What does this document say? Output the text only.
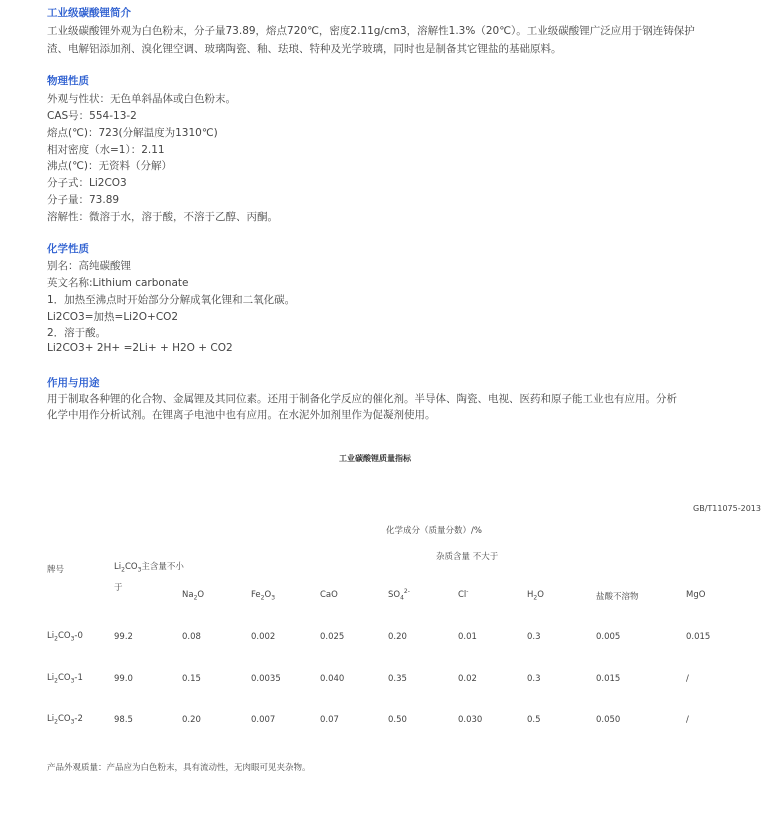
工业级碳酸锂简介
工业级碳酸锂外观为白色粉末，分子量73.89，熔点720℃，密度2.11g/cm3，溶解性1.3%（20℃）。工业级碳酸锂广泛应用于钢连铸保护
渣、电解铝添加剂、溴化锂空调、玻璃陶瓷、釉、珐琅、特种及光学玻璃，同时也是制备其它锂盐的基础原料。
物理性质
外观与性状：无色单斜晶体或白色粉末。
CAS号：554-13-2
熔点(℃)：723(分解温度为1310℃)
相对密度（水=1）：2.11
沸点(℃)：无资料（分解）
分子式：Li2CO3
分子量：73.89
溶解性：微溶于水，溶于酸，不溶于乙醇、丙酮。
化学性质
别名：高纯碳酸锂
英文名称:Lithium carbonate
1．加热至沸点时开始部分分解成氧化锂和二氧化碳。
Li2CO3=加热=Li2O+CO2
2．溶于酸。
Li2CO3+ 2H+ =2Li+ + H2O + CO2
作用与用途
用于制取各种锂的化合物、金属锂及其同位素。还用于制备化学反应的催化剂。半导体、陶瓷、电视、医药和原子能工业也有应用。分析
化学中用作分析试剂。在锂离子电池中也有应用。在水泥外加剂里作为促凝剂使用。
工业碳酸锂质量指标
GB/T11075-2013
化学成分（质量分数）/%
杂质含量 不大于
牌号	$Li_2CO_3$主含量不小
于
$Na_2O$	$Fe_2O_3$	CaO	$SO_4^{2-}$	Cl-	$H_2O$	盐酸不溶物	MgO
$Li_2CO_3-0$	99.2	0.08	0.002	0.025	0.20	0.01	0.3	0.005	0.015
$Li_2CO_3-1$	99.0	0.15	0.0035	0.040	0.35	0.02	0.3	0.015	/
$Li_2CO_3-2$	98.5	0.20	0.007	0.07	0.50	0.030	0.5	0.050	/
产品外观质量：产品应为白色粉末，具有流动性，无肉眼可见夹杂物。
